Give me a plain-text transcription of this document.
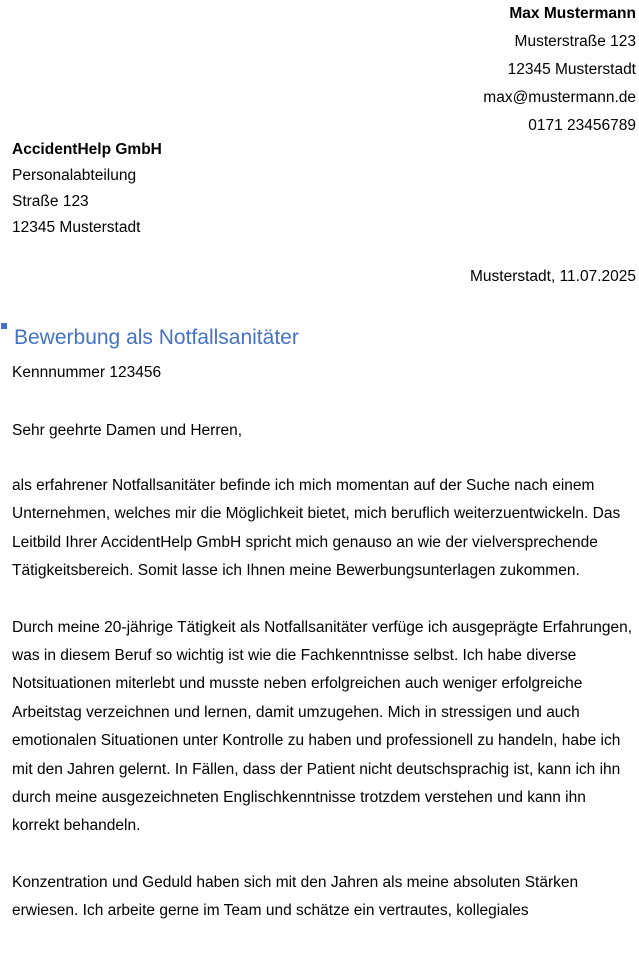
Max Mustermann
Musterstraße 123
12345 Musterstadt
max@mustermann.de
0171 23456789
AccidentHelp GmbH
Personalabteilung
Straße 123
12345 Musterstadt
Musterstadt, 11.07.2025
Bewerbung als Notfallsanitäter
Kennnummer 123456
Sehr geehrte Damen und Herren,

als erfahrener Notfallsanitäter befinde ich mich momentan auf der Suche nach einem Unternehmen, welches mir die Möglichkeit bietet, mich beruflich weiterzuentwickeln. Das Leitbild Ihrer AccidentHelp GmbH spricht mich genauso an wie der vielversprechende Tätigkeitsbereich. Somit lasse ich Ihnen meine Bewerbungsunterlagen zukommen.

Durch meine 20-jährige Tätigkeit als Notfallsanitäter verfüge ich ausgeprägte Erfahrungen, was in diesem Beruf so wichtig ist wie die Fachkenntnisse selbst. Ich habe diverse Notsituationen miterlebt und musste neben erfolgreichen auch weniger erfolgreiche Arbeitstag verzeichnen und lernen, damit umzugehen. Mich in stressigen und auch emotionalen Situationen unter Kontrolle zu haben und professionell zu handeln, habe ich mit den Jahren gelernt. In Fällen, dass der Patient nicht deutschsprachig ist, kann ich ihn durch meine ausgezeichneten Englischkenntnisse trotzdem verstehen und kann ihn korrekt behandeln.

Konzentration und Geduld haben sich mit den Jahren als meine absoluten Stärken erwiesen. Ich arbeite gerne im Team und schätze ein vertrautes, kollegiales
